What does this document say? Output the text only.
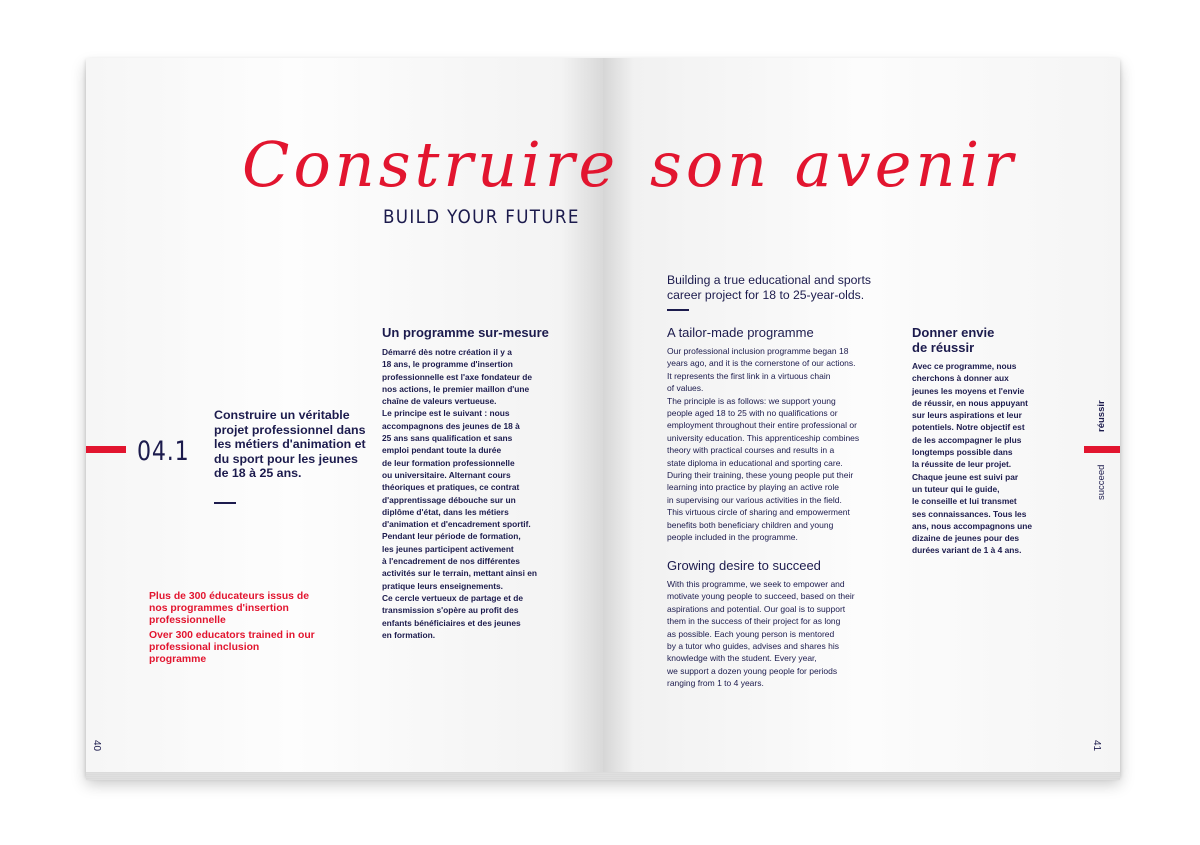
Construire son avenir
BUILD YOUR FUTURE
04.1
Construire un véritable projet professionnel dans les métiers d'animation et du sport pour les jeunes de 18 à 25 ans.
Plus de 300 éducateurs issus de nos programmes d'insertion professionnelle
Over 300 educators trained in our professional inclusion programme
Un programme sur-mesure
Démarré dès notre création il y a
18 ans, le programme d'insertion
professionnelle est l'axe fondateur de
nos actions, le premier maillon d'une
chaîne de valeurs vertueuse.
Le principe est le suivant : nous
accompagnons des jeunes de 18 à
25 ans sans qualification et sans
emploi pendant toute la durée
de leur formation professionnelle
ou universitaire. Alternant cours
théoriques et pratiques, ce contrat
d'apprentissage débouche sur un
diplôme d'état, dans les métiers
d'animation et d'encadrement sportif.
Pendant leur période de formation,
les jeunes participent activement
à l'encadrement de nos différentes
activités sur le terrain, mettant ainsi en
pratique leurs enseignements.
Ce cercle vertueux de partage et de
transmission s'opère au profit des
enfants bénéficiaires et des jeunes
en formation.
40
Building a true educational and sports career project for 18 to 25-year-olds.
A tailor-made programme
Our professional inclusion programme began 18
years ago, and it is the cornerstone of our actions.
It represents the first link in a virtuous chain
of values.
The principle is as follows: we support young
people aged 18 to 25 with no qualifications or
employment throughout their entire professional or
university education. This apprenticeship combines
theory with practical courses and results in a
state diploma in educational and sporting care.
During their training, these young people put their
learning into practice by playing an active role
in supervising our various activities in the field.
This virtuous circle of sharing and empowerment
benefits both beneficiary children and young
people included in the programme.
Growing desire to succeed
With this programme, we seek to empower and
motivate young people to succeed, based on their
aspirations and potential. Our goal is to support
them in the success of their project for as long
as possible. Each young person is mentored
by a tutor who guides, advises and shares his
knowledge with the student. Every year,
we support a dozen young people for periods
ranging from 1 to 4 years.
Donner envie
de réussir
Avec ce programme, nous
cherchons à donner aux
jeunes les moyens et l'envie
de réussir, en nous appuyant
sur leurs aspirations et leur
potentiels. Notre objectif est
de les accompagner le plus
longtemps possible dans
la réussite de leur projet.
Chaque jeune est suivi par
un tuteur qui le guide,
le conseille et lui transmet
ses connaissances. Tous les
ans, nous accompagnons une
dizaine de jeunes pour des
durées variant de 1 à 4 ans.
réussir
succeed
41
